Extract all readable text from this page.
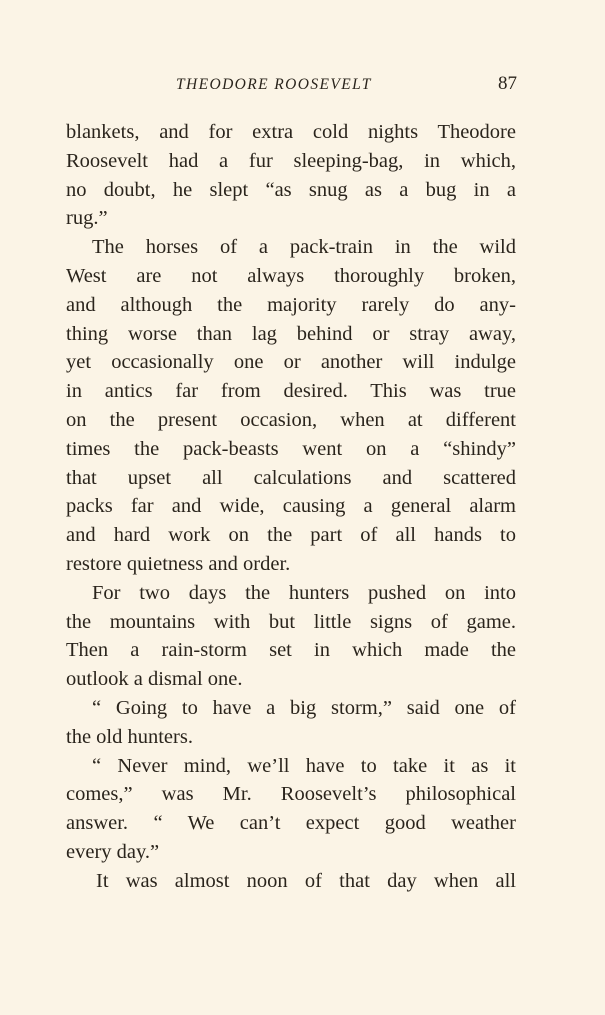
THEODORE ROOSEVELT	87
blankets, and for extra cold nights Theodore
Roosevelt had a fur sleeping-bag, in which,
no doubt, he slept “as snug as a bug in a
rug.”
The horses of a pack-train in the wild
West are not always thoroughly broken,
and although the majority rarely do any-
thing worse than lag behind or stray away,
yet occasionally one or another will indulge
in antics far from desired. This was true
on the present occasion, when at different
times the pack-beasts went on a “shindy”
that upset all calculations and scattered
packs far and wide, causing a general alarm
and hard work on the part of all hands to
restore quietness and order.
For two days the hunters pushed on into
the mountains with but little signs of game.
Then a rain-storm set in which made the
outlook a dismal one.
“ Going to have a big storm,” said one of
the old hunters.
“ Never mind, we’ll have to take it as it
comes,” was Mr. Roosevelt’s philosophical
answer. “ We can’t expect good weather
every day.”
It was almost noon of that day when all
